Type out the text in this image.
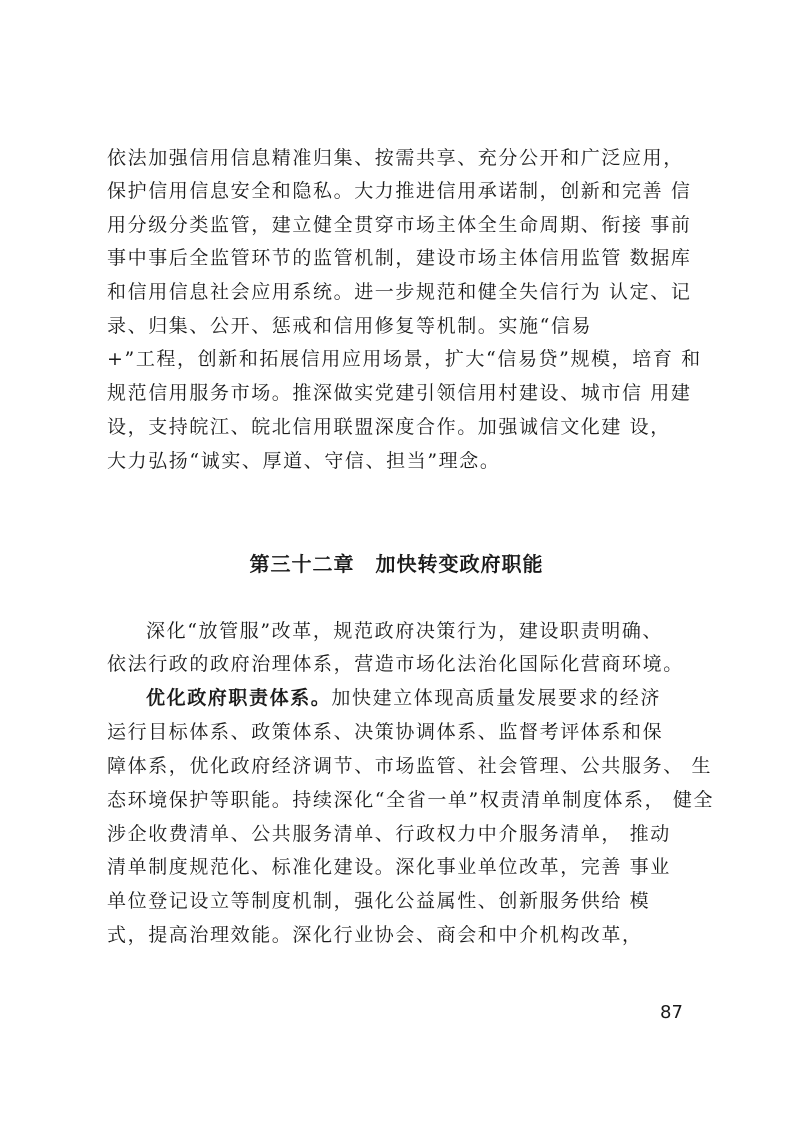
依法加强信用信息精准归集、按需共享、充分公开和广泛应用，
保护信用信息安全和隐私。大力推进信用承诺制，创新和完善 信
用分级分类监管，建立健全贯穿市场主体全生命周期、衔接 事前
事中事后全监管环节的监管机制，建设市场主体信用监管 数据库
和信用信息社会应用系统。进一步规范和健全失信行为 认定、记
录、归集、公开、惩戒和信用修复等机制。实施“信易
+”工程，创新和拓展信用应用场景，扩大“信易贷”规模，培育 和
规范信用服务市场。推深做实党建引领信用村建设、城市信 用建
设，支持皖江、皖北信用联盟深度合作。加强诚信文化建 设，
大力弘扬“诚实、厚道、守信、担当”理念。
第三十二章　加快转变政府职能
深化“放管服”改革，规范政府决策行为，建设职责明确、
依法行政的政府治理体系，营造市场化法治化国际化营商环境。
优化政府职责体系。加快建立体现高质量发展要求的经济
运行目标体系、政策体系、决策协调体系、监督考评体系和保
障体系，优化政府经济调节、市场监管、社会管理、公共服务、 生
态环境保护等职能。持续深化“全省一单”权责清单制度体系， 健全
涉企收费清单、公共服务清单、行政权力中介服务清单， 推动
清单制度规范化、标准化建设。深化事业单位改革，完善 事业
单位登记设立等制度机制，强化公益属性、创新服务供给 模
式，提高治理效能。深化行业协会、商会和中介机构改革，
87
